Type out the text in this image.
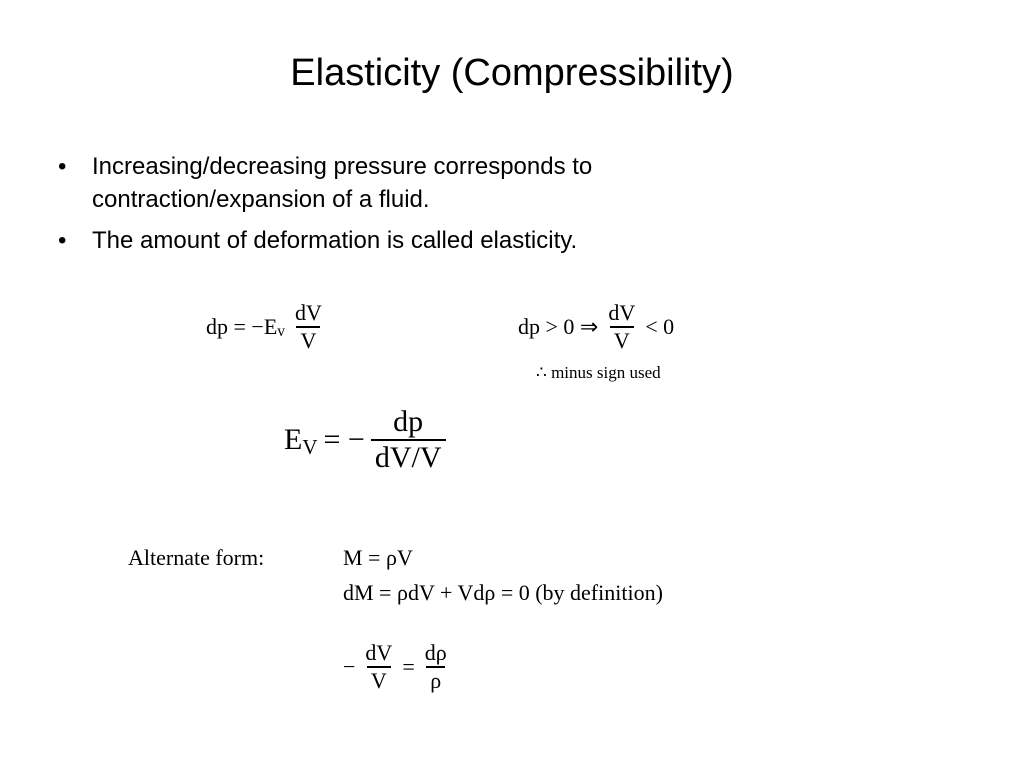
Elasticity (Compressibility)
• Increasing/decreasing pressure corresponds to contraction/expansion of a fluid.
• The amount of deformation is called elasticity.
dp = −E v $\frac{dV}{V}$	dp > 0 ⇒ $\frac{dV}{V} < 0$
∴ minus sign used
E V = − $\frac{dp}{dV/V}$
Alternate form:	M = ρV
dM = ρdV + Vdρ = 0 (by definition)
− $\frac{dV}{V} = \frac{d\rho}{\rho}$
